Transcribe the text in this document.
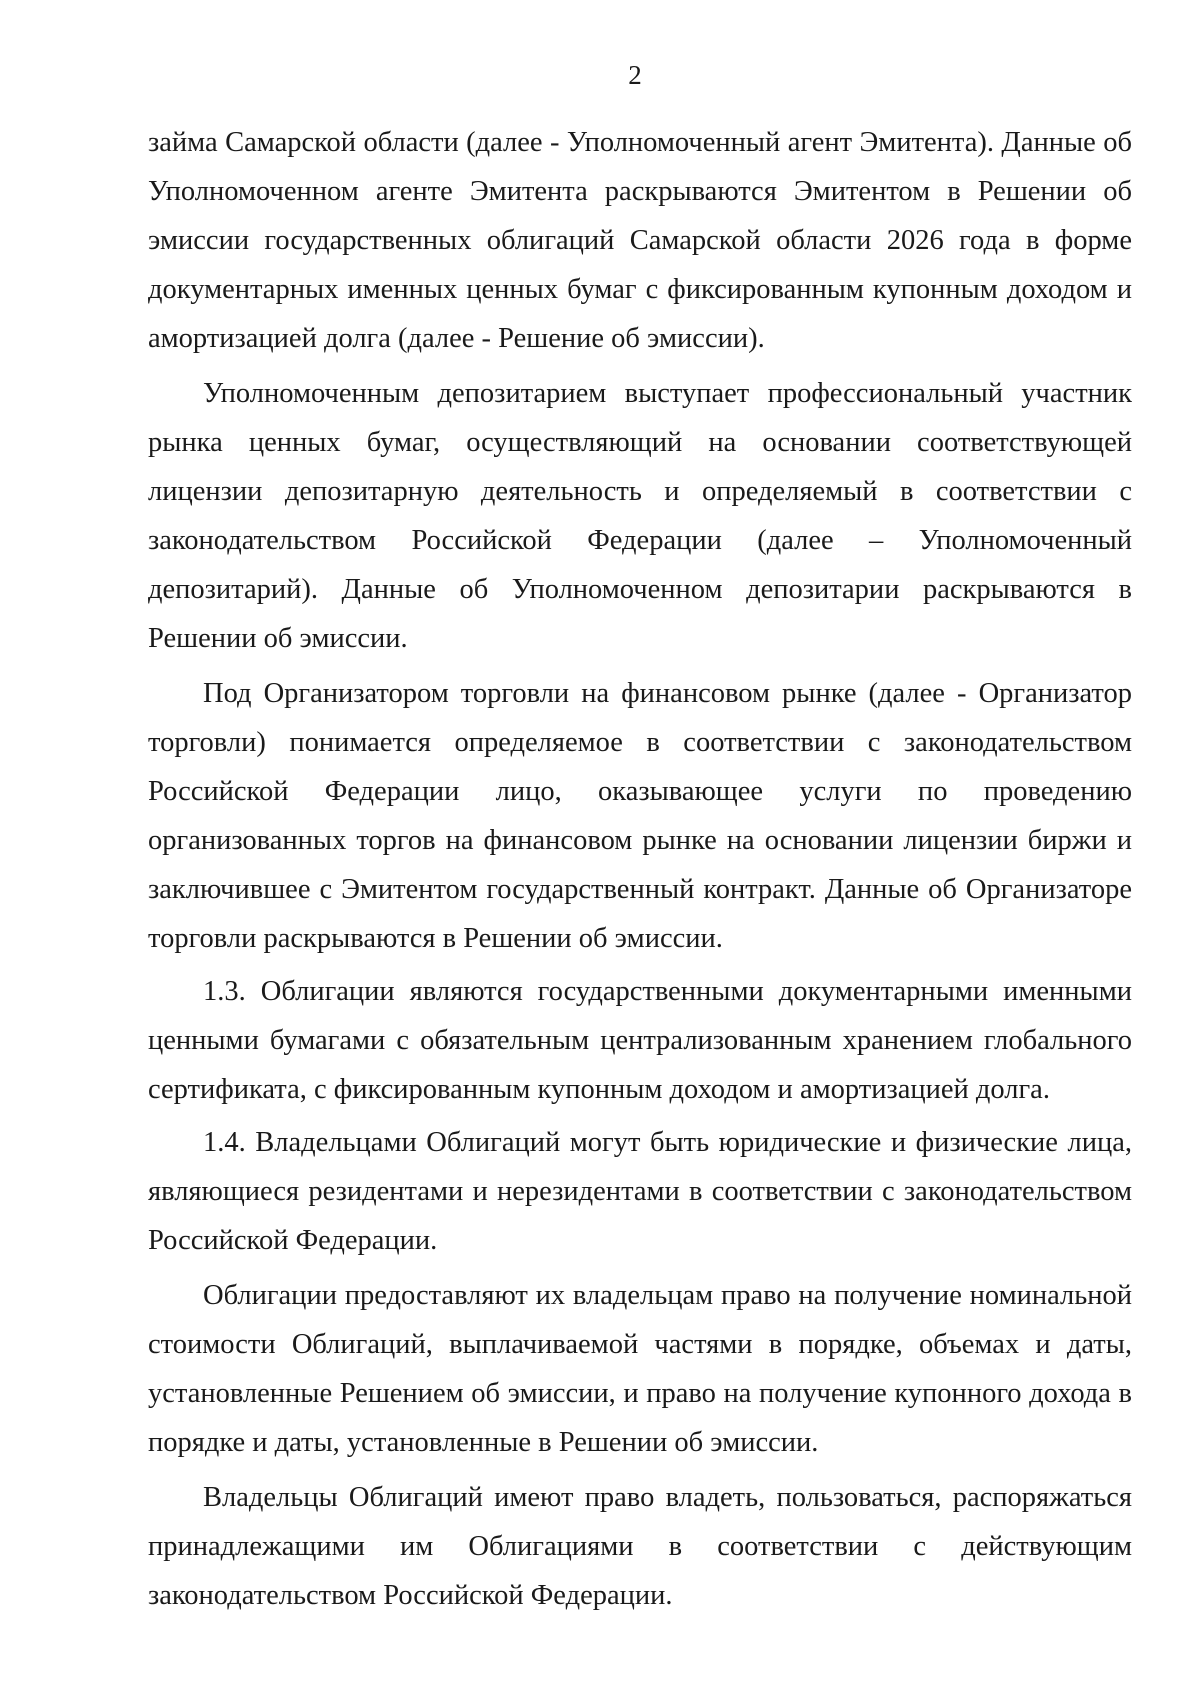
2

займа Самарской области (далее - Уполномоченный агент Эмитента). Данные об Уполномоченном агенте Эмитента раскрываются Эмитентом в Решении об эмиссии государственных облигаций Самарской области 2026 года в форме документарных именных ценных бумаг с фиксированным купонным доходом и амортизацией долга (далее - Решение об эмиссии).

Уполномоченным депозитарием выступает профессиональный участник рынка ценных бумаг, осуществляющий на основании соответствующей лицензии депозитарную деятельность и определяемый в соответствии с законодательством Российской Федерации (далее – Уполномоченный депозитарий). Данные об Уполномоченном депозитарии раскрываются в Решении об эмиссии.

Под Организатором торговли на финансовом рынке (далее - Организатор торговли) понимается определяемое в соответствии с законодательством Российской Федерации лицо, оказывающее услуги по проведению организованных торгов на финансовом рынке на основании лицензии биржи и заключившее с Эмитентом государственный контракт. Данные об Организаторе торговли раскрываются в Решении об эмиссии.

1.3. Облигации являются государственными документарными именными ценными бумагами с обязательным централизованным хранением глобального сертификата, с фиксированным купонным доходом и амортизацией долга.

1.4. Владельцами Облигаций могут быть юридические и физические лица, являющиеся резидентами и нерезидентами в соответствии с законодательством Российской Федерации.

Облигации предоставляют их владельцам право на получение номинальной стоимости Облигаций, выплачиваемой частями в порядке, объемах и даты, установленные Решением об эмиссии, и право на получение купонного дохода в порядке и даты, установленные в Решении об эмиссии.

Владельцы Облигаций имеют право владеть, пользоваться, распоряжаться принадлежащими им Облигациями в соответствии с действующим законодательством Российской Федерации.
